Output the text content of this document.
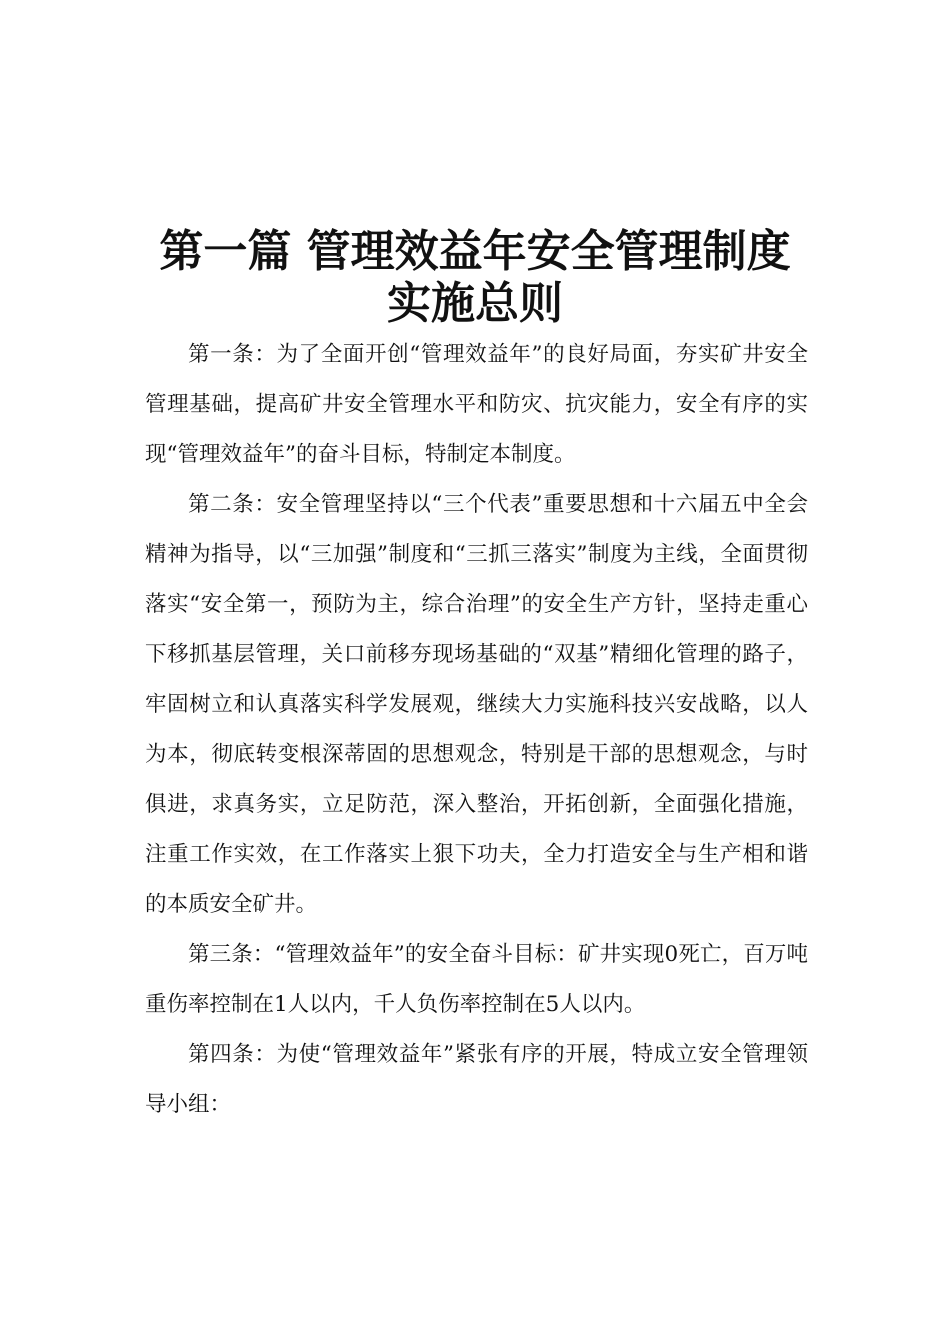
第一篇 管理效益年安全管理制度
实施总则

第一条：为了全面开创“管理效益年”的良好局面，夯实矿井安全管理基础，提高矿井安全管理水平和防灾、抗灾能力，安全有序的实现“管理效益年”的奋斗目标，特制定本制度。

第二条：安全管理坚持以“三个代表”重要思想和十六届五中全会精神为指导，以“三加强”制度和“三抓三落实”制度为主线，全面贯彻落实“安全第一，预防为主，综合治理”的安全生产方针，坚持走重心下移抓基层管理，关口前移夯现场基础的“双基”精细化管理的路子，牢固树立和认真落实科学发展观，继续大力实施科技兴安战略，以人为本，彻底转变根深蒂固的思想观念，特别是干部的思想观念，与时俱进，求真务实，立足防范，深入整治，开拓创新，全面强化措施，注重工作实效，在工作落实上狠下功夫，全力打造安全与生产相和谐的本质安全矿井。

第三条：“管理效益年”的安全奋斗目标：矿井实现0死亡，百万吨重伤率控制在1人以内，千人负伤率控制在5人以内。

第四条：为使“管理效益年”紧张有序的开展，特成立安全管理领导小组：
